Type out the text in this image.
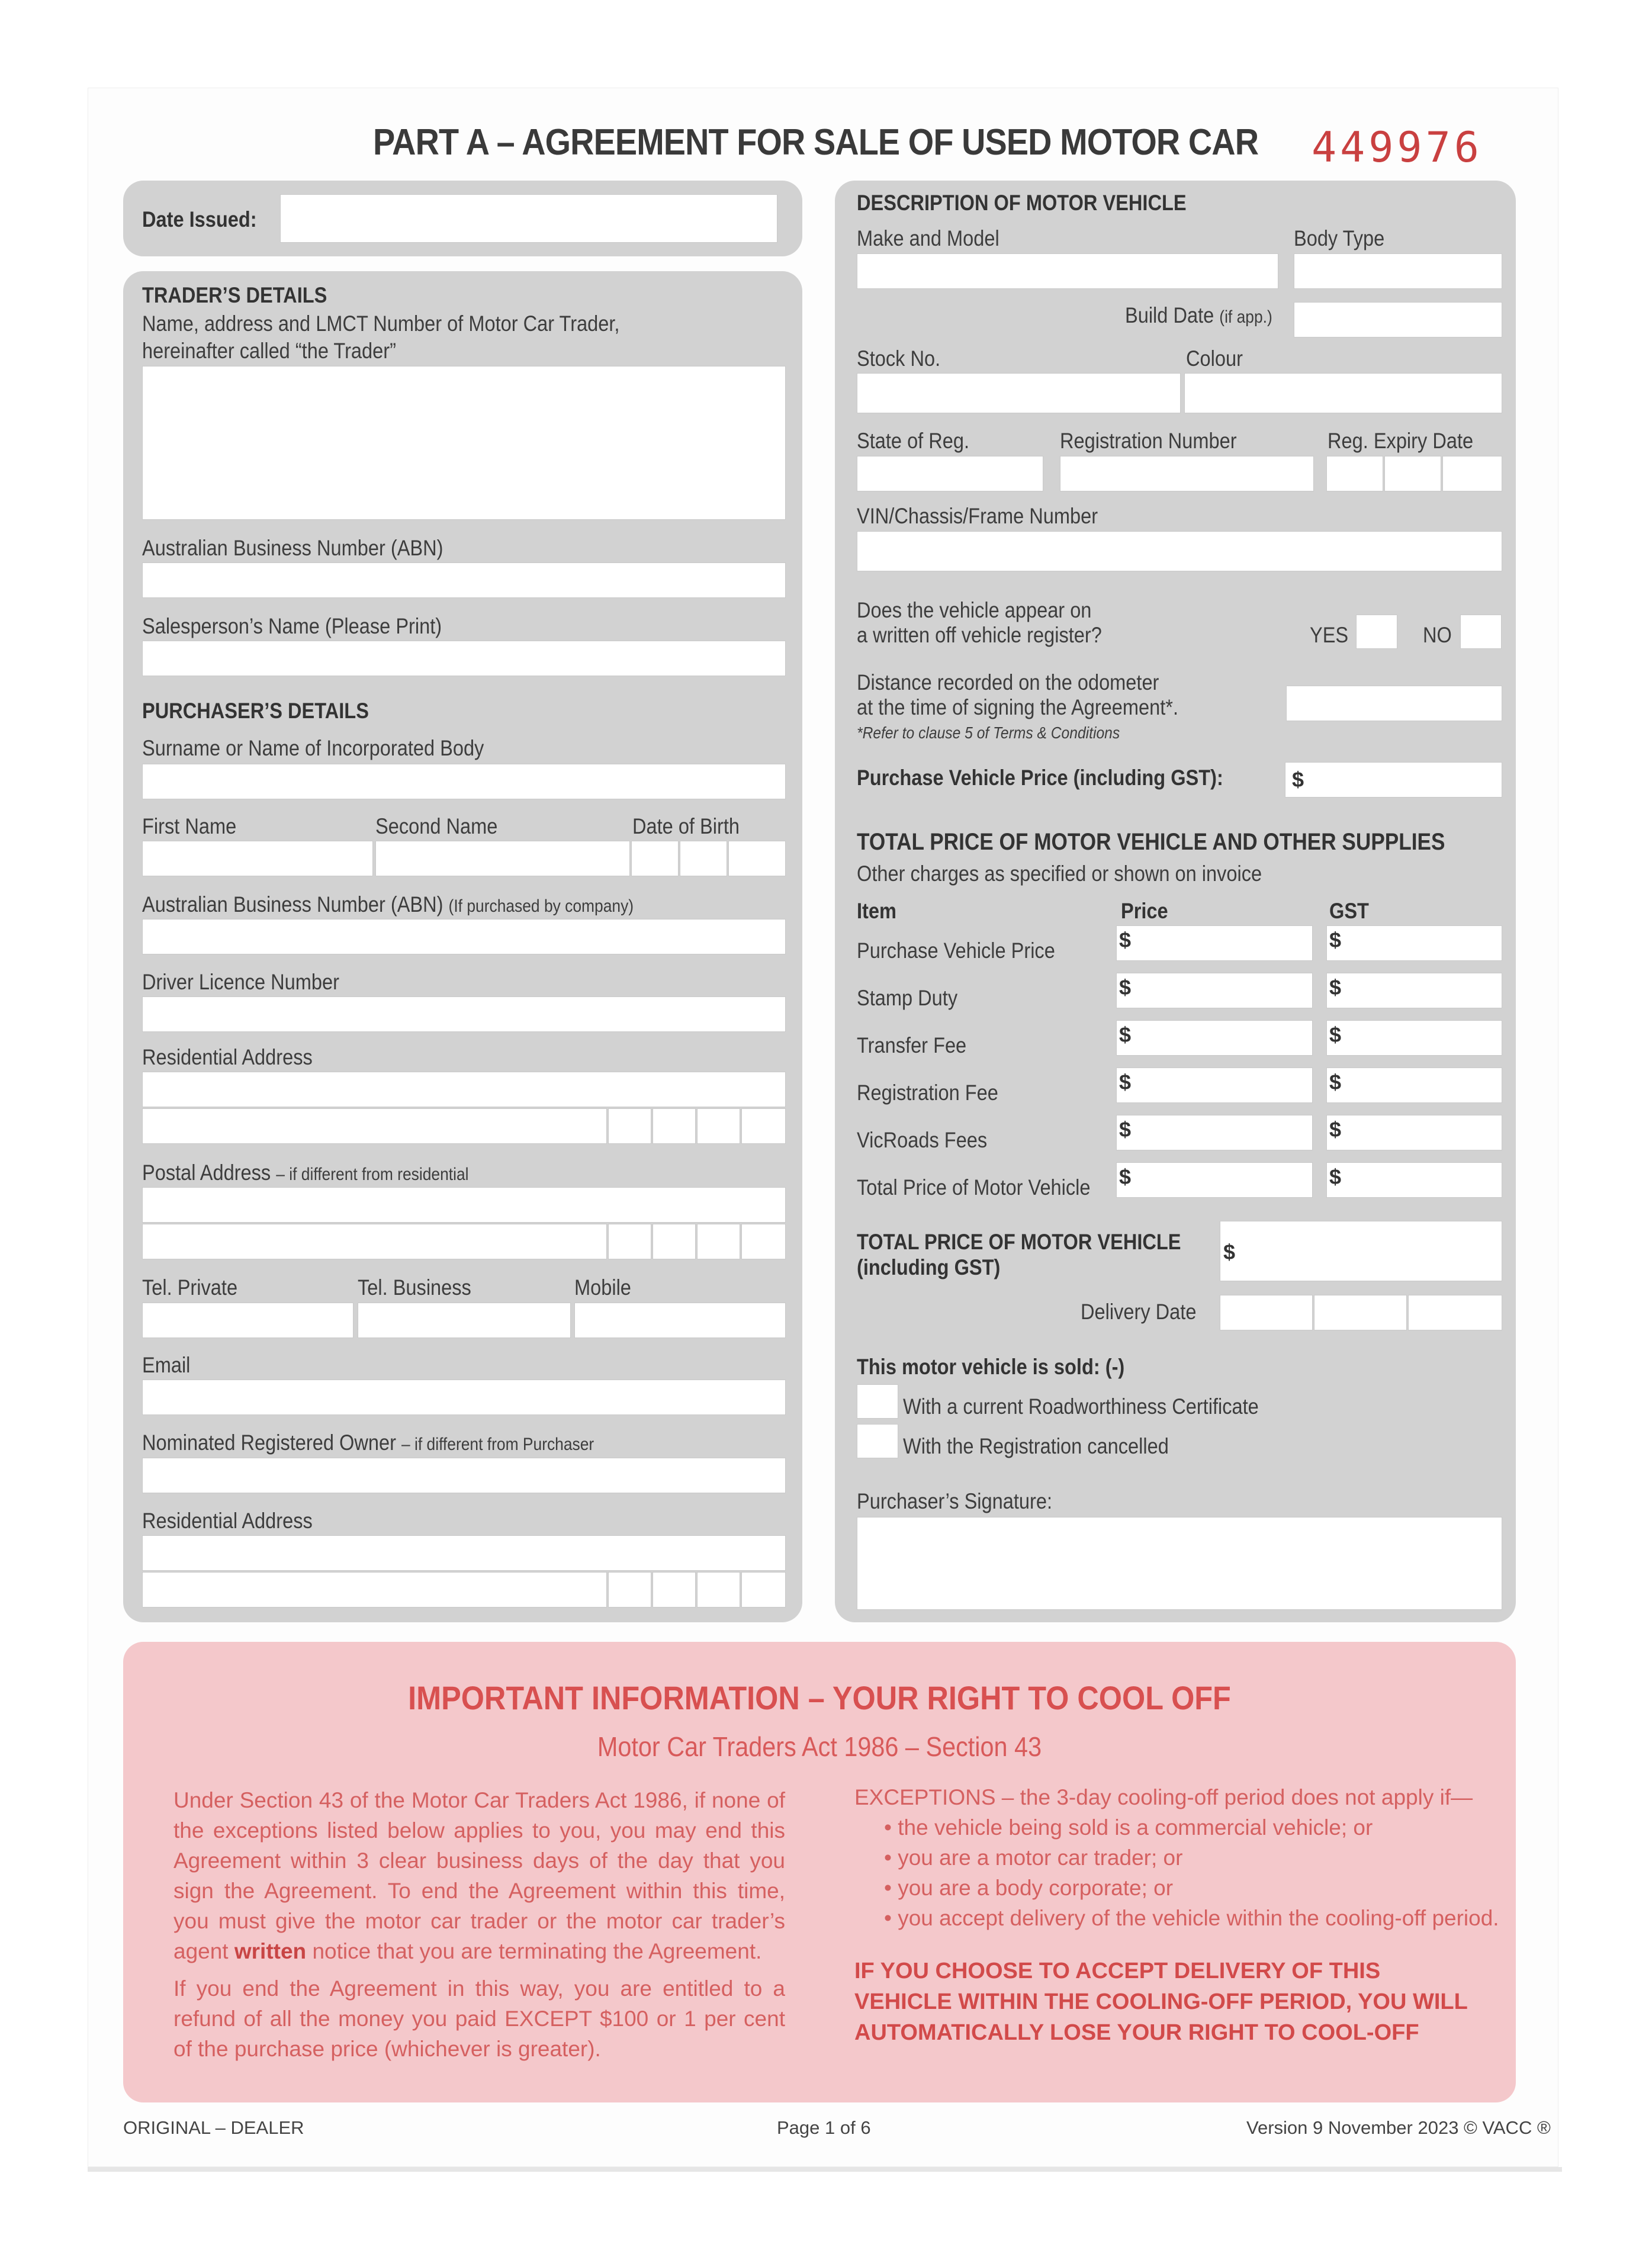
PART A – AGREEMENT FOR SALE OF USED MOTOR CAR 449976
Date Issued:
TRADER’S DETAILS
Name, address and LMCT Number of Motor Car Trader,
hereinafter called “the Trader”
Australian Business Number (ABN)
Salesperson’s Name (Please Print)
PURCHASER’S DETAILS
Surname or Name of Incorporated Body
First Name	Second Name	Date of Birth
Australian Business Number (ABN) (If purchased by company)
Driver Licence Number
Residential Address
Postal Address – if different from residential
Tel. Private	Tel. Business	Mobile
Email
Nominated Registered Owner – if different from Purchaser
Residential Address
DESCRIPTION OF MOTOR VEHICLE
Make and Model	Body Type
Build Date (if app.)
Stock No.	Colour
State of Reg.	Registration Number	Reg. Expiry Date
VIN/Chassis/Frame Number
Does the vehicle appear on
a written off vehicle register?	YES	NO
Distance recorded on the odometer
at the time of signing the Agreement*.
*Refer to clause 5 of Terms & Conditions
Purchase Vehicle Price (including GST):	$
TOTAL PRICE OF MOTOR VEHICLE AND OTHER SUPPLIES
Other charges as specified or shown on invoice
Item	Price	GST
Purchase Vehicle Price	$	$
Stamp Duty	$	$
Transfer Fee	$	$
Registration Fee	$	$
VicRoads Fees	$	$
Total Price of Motor Vehicle $	$
TOTAL PRICE OF MOTOR VEHICLE
(including GST)
$
Delivery Date
This motor vehicle is sold: (-)
With a current Roadworthiness Certificate
With the Registration cancelled
Purchaser’s Signature:
IMPORTANT INFORMATION – YOUR RIGHT TO COOL OFF
Motor Car Traders Act 1986 – Section 43
Under Section 43 of the Motor Car Traders Act 1986, if none of the exceptions listed below applies to you, you may end this Agreement within 3 clear business days of the day that you sign the Agreement. To end the Agreement within this time, you must give the motor car trader or the motor car trader’s agent written notice that you are terminating the Agreement.
If you end the Agreement in this way, you are entitled to a refund of all the money you paid EXCEPT $100 or 1 per cent of the purchase price (whichever is greater).
EXCEPTIONS – the 3-day cooling-off period does not apply if—
• the vehicle being sold is a commercial vehicle; or
• you are a motor car trader; or
• you are a body corporate; or
• you accept delivery of the vehicle within the cooling-off period.
IF YOU CHOOSE TO ACCEPT DELIVERY OF THIS
VEHICLE WITHIN THE COOLING-OFF PERIOD, YOU WILL
AUTOMATICALLY LOSE YOUR RIGHT TO COOL-OFF
ORIGINAL – DEALER	Page 1 of 6	Version 9 November 2023 © VACC ®
